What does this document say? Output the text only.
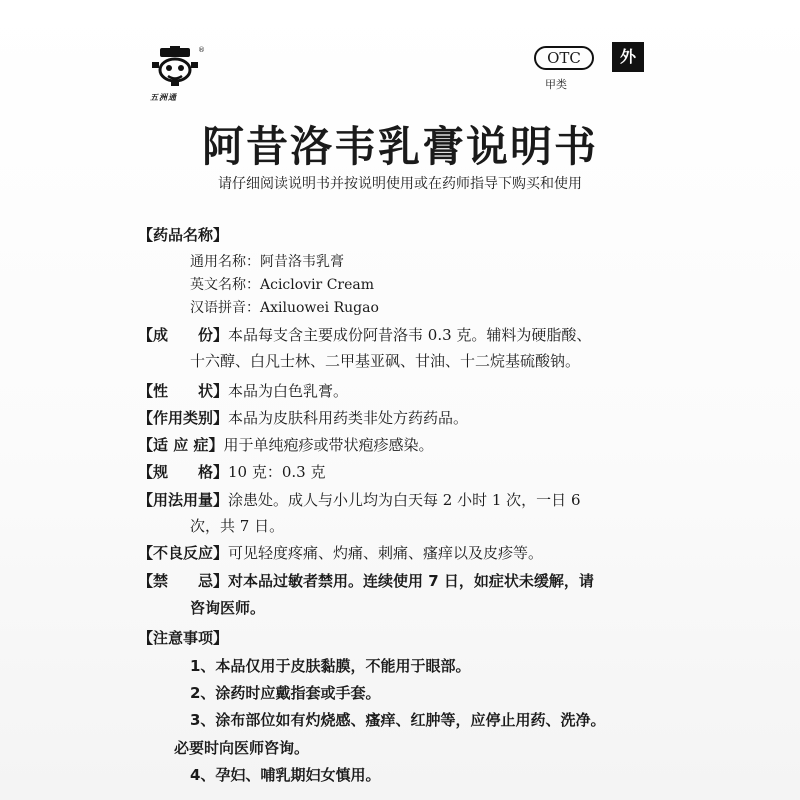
®
五洲通
OTC
甲类
外
阿昔洛韦乳膏说明书
请仔细阅读说明书并按说明使用或在药师指导下购买和使用
【药品名称】
通用名称：阿昔洛韦乳膏
英文名称：Aciclovir Cream
汉语拼音：Axiluowei Rugao
【成　　份】本品每支含主要成份阿昔洛韦 0.3 克。辅料为硬脂酸、
十六醇、白凡士林、二甲基亚砜、甘油、十二烷基硫酸钠。
【性　　状】本品为白色乳膏。
【作用类别】本品为皮肤科用药类非处方药药品。
【适 应 症】用于单纯疱疹或带状疱疹感染。
【规　　格】10 克：0.3 克
【用法用量】涂患处。成人与小儿均为白天每 2 小时 1 次，一日 6
次，共 7 日。
【不良反应】可见轻度疼痛、灼痛、刺痛、瘙痒以及皮疹等。
【禁　　忌】对本品过敏者禁用。连续使用 7 日，如症状未缓解，请
咨询医师。
【注意事项】
1、本品仅用于皮肤黏膜，不能用于眼部。
2、涂药时应戴指套或手套。
3、涂布部位如有灼烧感、瘙痒、红肿等，应停止用药、洗净。
必要时向医师咨询。
4、孕妇、哺乳期妇女慎用。
